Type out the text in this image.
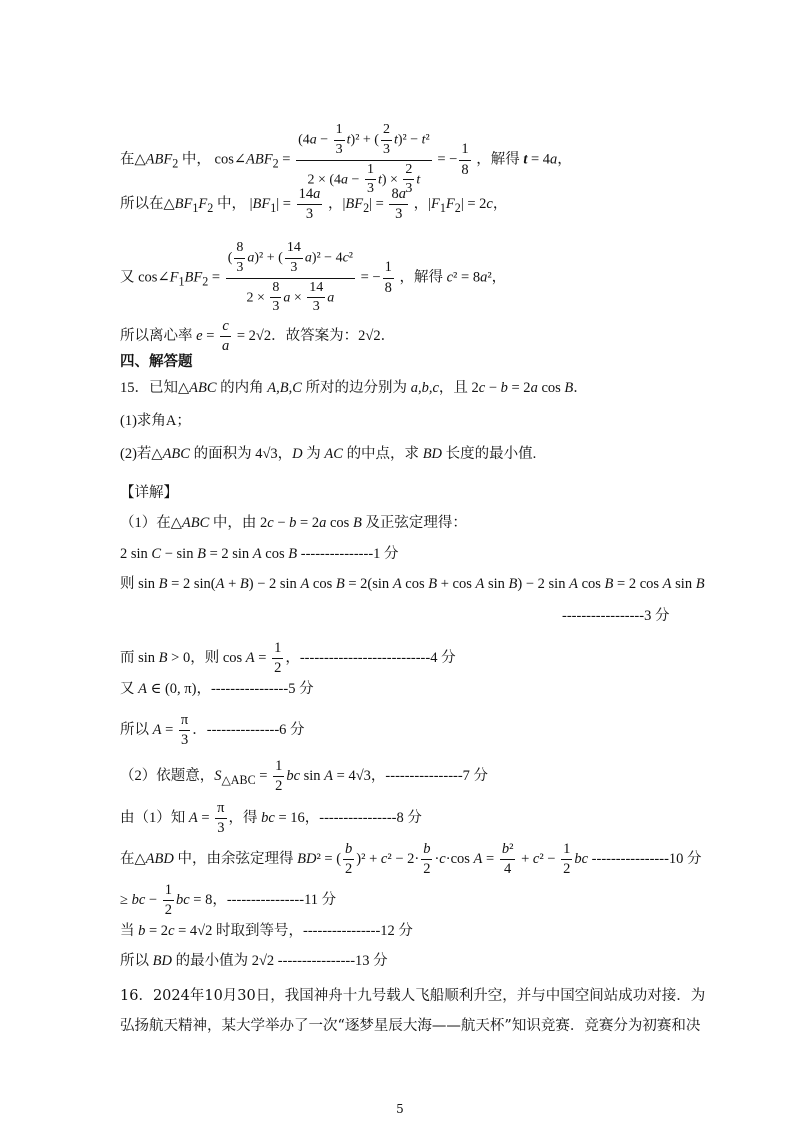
在$\triangle ABF_2$ 中， $\cos\angle ABF_2 = \frac{(4a - \frac{1}{3} t)^2 + ( \frac{2}{3} t)^2 - t^2}{2 \times (4a - \frac{1}{3} t) \times \frac{2}{3} t}$ = − $\frac{1}{8}$ ，解得 t = 4a，
所以在$\triangle BF_1F_2$ 中， $|BF_1| = \frac{14a}{3}$ ，$|BF_2| = \frac{8a}{3}$ ，$|F_1F_2| = 2c$，
又 $\cos\angle F_1BF_2 = \frac{( \frac{8}{3} a)^2 + ( \frac{14}{3} a)^2 - 4c^2}{2 \times \frac{8}{3} a \times \frac{14}{3} a}$ = − $\frac{1}{8}$ ，解得 c² = 8a²，
所以离心率 $e = \frac{c}{a} = 2√2$．故答案为：2√2．
四、解答题
15．已知△ABC 的内角 A,B,C 所对的边分别为 a,b,c，且 2c − b = 2a cos B．
(1)求角A；
(2)若△ABC 的面积为 4√3，D 为 AC 的中点，求 BD 长度的最小值.
【详解】
（1）在△ABC 中，由 2c − b = 2a cos B 及正弦定理得：
2 sin C − sin B = 2 sin A cos B ---------------1 分
则 sin B = 2 sin(A + B) − 2 sin A cos B = 2(sin A cos B + cos A sin B) − 2 sin A cos B = 2 cos A sin B
-----------------3 分
而 sin B > 0，则 $\cos A = \frac{1}{2}$ ，---------------------------4 分
又 A ∈ (0, π)，----------------5 分
所以 $A = \frac{\pi}{3}$ ．---------------6 分
（2）依题意，$S_{\triangle ABC} = \frac{1}{2}$ bc sin A = 4√3，----------------7 分
由（1）知 $A = \frac{\pi}{3}$ ，得 bc = 16，----------------8 分
在△ABD 中，由余弦定理得 BD² = ( $\frac{b}{2} )^2 + c^2 - 2\cdot \frac{b}{2} \cdot c\cdot\cos$ $A = \frac{\text{b²}}{4} + c^2 - \frac{1}{2}$ bc ----------------10 分
≥ bc − $\frac{1}{2}$ bc = 8，----------------11 分
当 b = 2c = 4√2 时取到等号，----------------12 分
所以 BD 的最小值为 2√2 ----------------13 分
16．2024年10月30日，我国神舟十九号载人飞船顺利升空，并与中国空间站成功对接．为
弘扬航天精神，某大学举办了一次“逐梦星辰大海——航天杯”知识竞赛．竞赛分为初赛和决
5
